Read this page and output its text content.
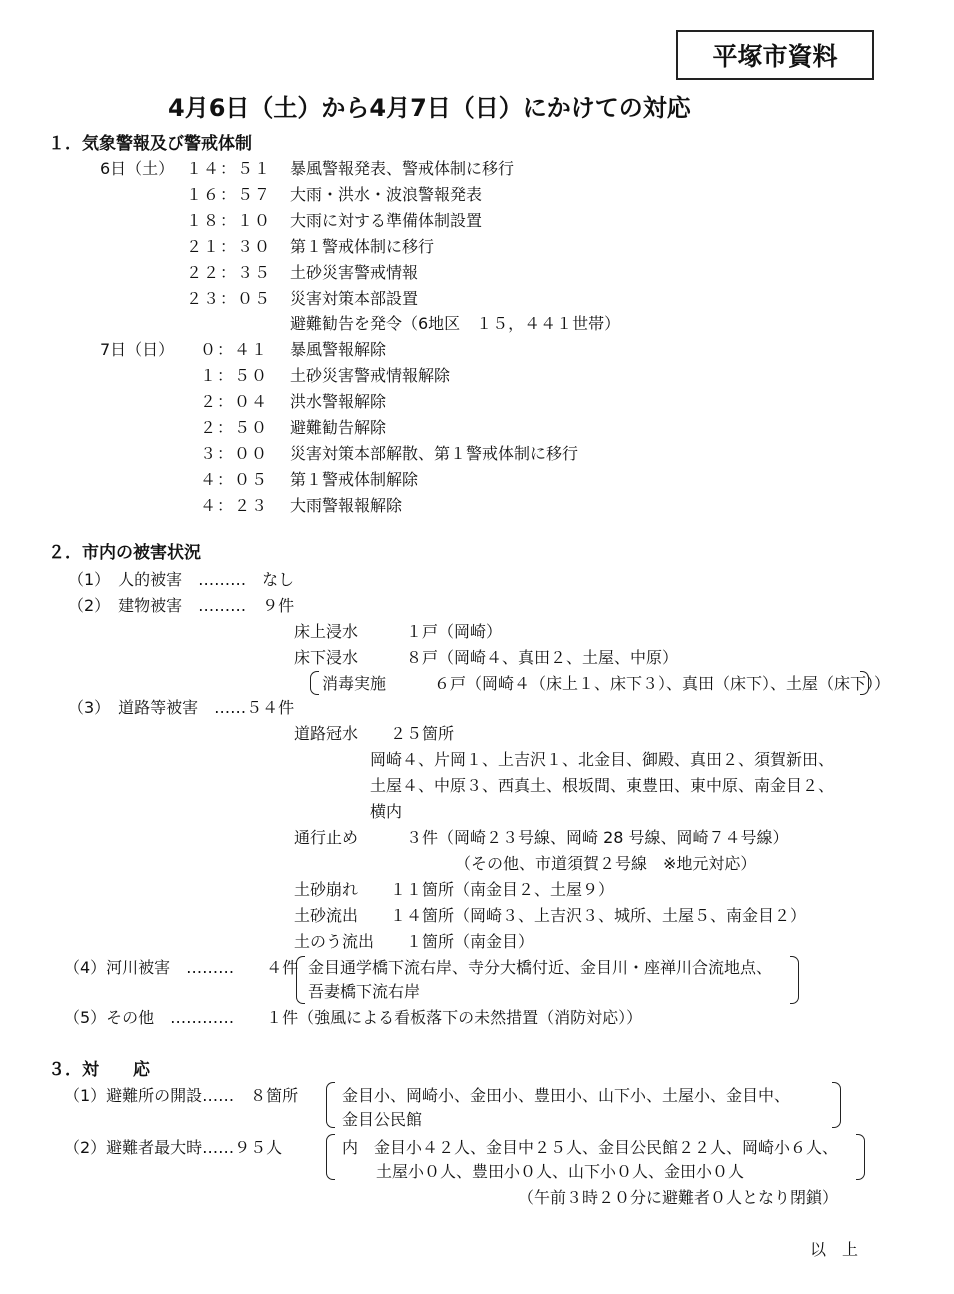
平塚市資料
4月6日（土）から4月7日（日）にかけての対応
１．気象警報及び警戒体制
6日（土）
7日（日）
１４：５１ 暴風警報発表、警戒体制に移行
１６：５７ 大雨・洪水・波浪警報発表
１８：１０ 大雨に対する準備体制設置
２１：３０ 第１警戒体制に移行
２２：３５ 土砂災害警戒情報
２３：０５ 災害対策本部設置
避難勧告を発令（6地区　１５，４４１世帯）
０：４１ 暴風警報解除
１：５０ 土砂災害警戒情報解除
２：０４ 洪水警報解除
２：５０ 避難勧告解除
３：００ 災害対策本部解散、第１警戒体制に移行
４：０５ 第１警戒体制解除
４：２３ 大雨警報報解除
２．市内の被害状況
（1）　人的被害　………　なし
（2）　建物被害　………　９件
床上浸水　　　１戸（岡崎）
床下浸水　　　８戸（岡崎４、真田２、土屋、中原）
消毒実施　　　６戸（岡崎４（床上１、床下３）、真田（床下）、土屋（床下））
（3）　道路等被害　……５４件
道路冠水　　２５箇所
岡崎４、片岡１、上吉沢１、北金目、御殿、真田２、須賀新田、
土屋４、中原３、西真土、根坂間、東豊田、東中原、南金目２、
横内
通行止め　　　３件（岡崎２３号線、岡崎 28 号線、岡崎７４号線）
（その他、市道須賀２号線　※地元対応）
土砂崩れ　　１１箇所（南金目２、土屋９）
土砂流出　　１４箇所（岡崎３、上吉沢３、城所、土屋５、南金目２）
土のう流出　　１箇所（南金目）
（4）河川被害　………　　４件 金目通学橋下流右岸、寺分大橋付近、金目川・座禅川合流地点、
吾妻橋下流右岸
（5）その他　…………　　１件（強風による看板落下の未然措置（消防対応））
３．対　　応
（1）避難所の開設……　８箇所	金目小、岡崎小、金田小、豊田小、山下小、土屋小、金目中、
金目公民館
（2）避難者最大時……９５人	内　金目小４２人、金目中２５人、金目公民館２２人、岡崎小６人、
土屋小０人、豊田小０人、山下小０人、金田小０人
（午前３時２０分に避難者０人となり閉鎖）
以　上
